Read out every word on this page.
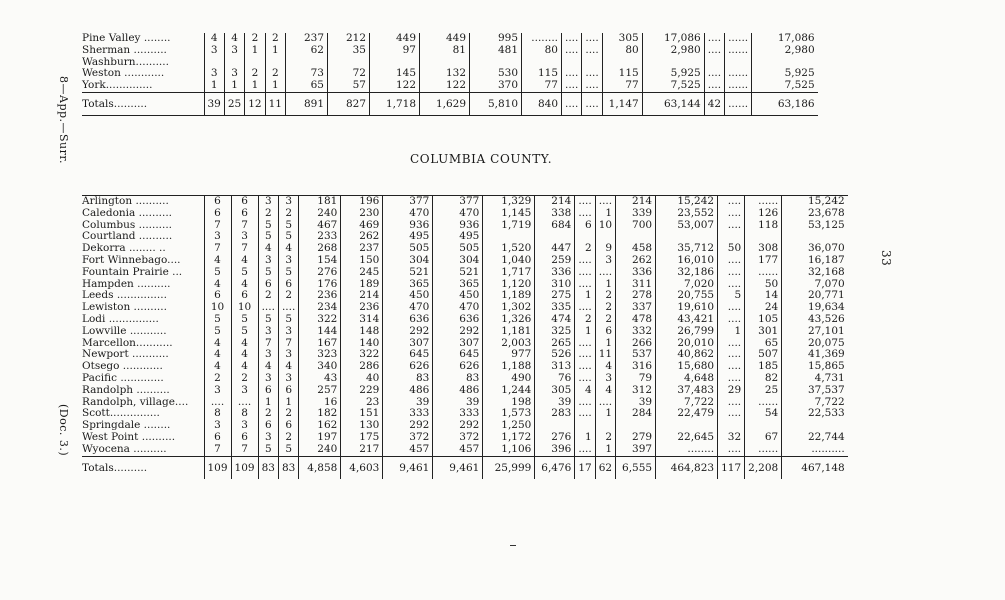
8—App.—Surr.
(Doc. 3.)
33
Pine Valley ........	4	4	2	2	237	212	449	449	995	........	....	....	305	17,086	....	......	17,086
Sherman ..........	3	3	1	1	62	35	97	81	481	80	....	....	80	2,980	....	......	2,980
Washburn..........																	
Weston ............	3	3	2	2	73	72	145	132	530	115	....	....	115	5,925	....	......	5,925
York..............	1	1	1	1	65	57	122	122	370	77	....	....	77	7,525	....	......	7,525
Totals..........	39	25	12	11	891	827	1,718	1,629	5,810	840	....	....	1,147	63,144	42	......	63,186
COLUMBIA COUNTY.
Arlington ..........	6	6	3	3	181	196	377	377	1,329	214	....	....	214	15,242	....	......	15,242
Caledonia ..........	6	6	2	2	240	230	470	470	1,145	338	....	1	339	23,552	....	126	23,678
Columbus ..........	7	7	5	5	467	469	936	936	1,719	684	6	10	700	53,007	....	118	53,125
Courtland ..........	3	3	5	5	233	262	495	495									
Dekorra ........ ..	7	7	4	4	268	237	505	505	1,520	447	2	9	458	35,712	50	308	36,070
Fort Winnebago....	4	4	3	3	154	150	304	304	1,040	259	....	3	262	16,010	....	177	16,187
Fountain Prairie ...	5	5	5	5	276	245	521	521	1,717	336	....	....	336	32,186	....	......	32,168
Hampden ..........	4	4	6	6	176	189	365	365	1,120	310	....	1	311	7,020	....	50	7,070
Leeds ...............	6	6	2	2	236	214	450	450	1,189	275	1	2	278	20,755	5	14	20,771
Lewiston ..........	10	10	....	....	234	236	470	470	1,302	335	....	2	337	19,610	....	24	19,634
Lodi ...............	5	5	5	5	322	314	636	636	1,326	474	2	2	478	43,421	....	105	43,526
Lowville ...........	5	5	3	3	144	148	292	292	1,181	325	1	6	332	26,799	1	301	27,101
Marcellon...........	4	4	7	7	167	140	307	307	2,003	265	....	1	266	20,010	....	65	20,075
Newport ...........	4	4	3	3	323	322	645	645	977	526	....	11	537	40,862	....	507	41,369
Otsego ............	4	4	4	4	340	286	626	626	1,188	313	....	4	316	15,680	....	185	15,865
Pacific .............	2	2	3	3	43	40	83	83	490	76	....	3	79	4,648	....	82	4,731
Randolph ..........	3	3	6	6	257	229	486	486	1,244	305	4	4	312	37,483	29	25	37,537
Randolph, village....	....	....	1	1	16	23	39	39	198	39	....	....	39	7,722	....	......	7,722
Scott...............	8	8	2	2	182	151	333	333	1,573	283	....	1	284	22,479	....	54	22,533
Springdale ........	3	3	6	6	162	130	292	292	1,250								
West Point ..........	6	6	3	2	197	175	372	372	1,172	276	1	2	279	22,645	32	67	22,744
Wyocena ..........	7	7	5	5	240	217	457	457	1,106	396	....	1	397	........	....	......	..........
Totals..........	109	109	83	83	4,858	4,603	9,461	9,461	25,999	6,476	17	62	6,555	464,823	117	2,208	467,148
